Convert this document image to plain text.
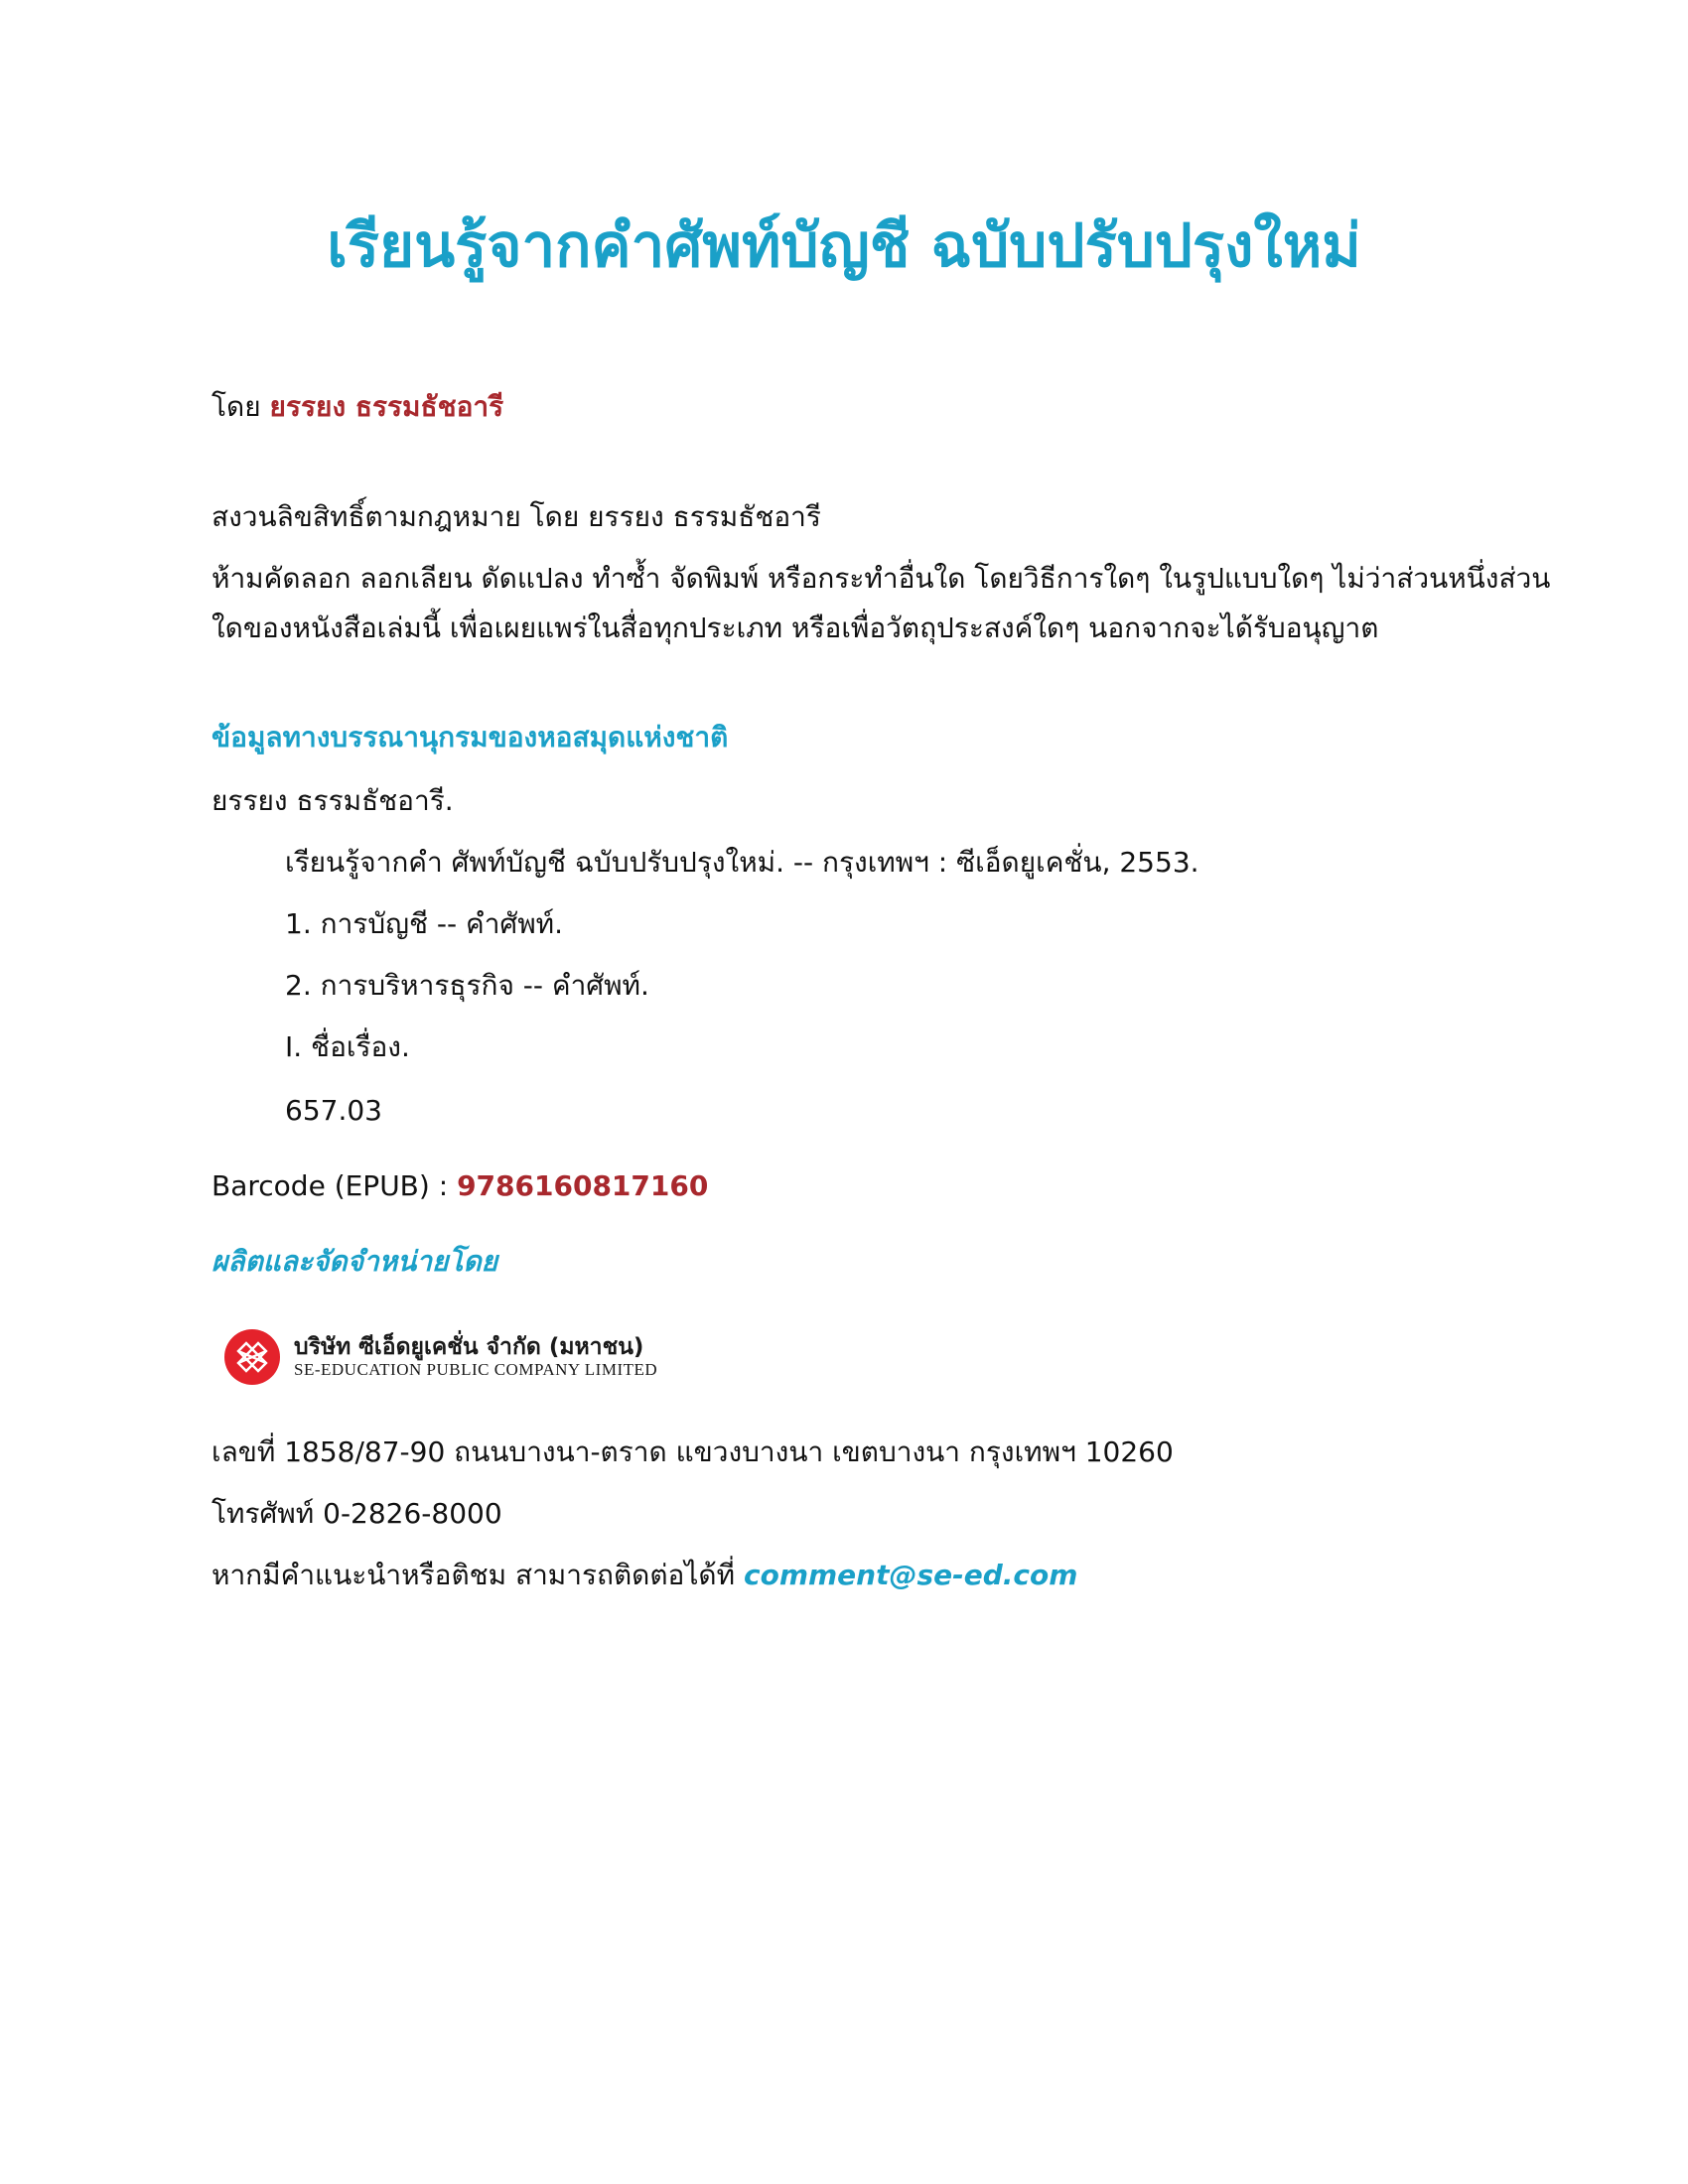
เรียนรู้จากคำศัพท์บัญชี ฉบับปรับปรุงใหม่
โดย ยรรยง ธรรมธัชอารี
สงวนลิขสิทธิ์ตามกฎหมาย โดย ยรรยง ธรรมธัชอารี
ห้ามคัดลอก ลอกเลียน ดัดแปลง ทำซ้ำ จัดพิมพ์ หรือกระทำอื่นใด โดยวิธีการใดๆ ในรูปแบบใดๆ ไม่ว่าส่วนหนึ่งส่วน
ใดของหนังสือเล่มนี้ เพื่อเผยแพร่ในสื่อทุกประเภท หรือเพื่อวัตถุประสงค์ใดๆ นอกจากจะได้รับอนุญาต
ข้อมูลทางบรรณานุกรมของหอสมุดแห่งชาติ
ยรรยง ธรรมธัชอารี.
เรียนรู้จากคำ ศัพท์บัญชี ฉบับปรับปรุงใหม่. -- กรุงเทพฯ : ซีเอ็ดยูเคชั่น, 2553.
1. การบัญชี -- คำศัพท์.
2. การบริหารธุรกิจ -- คำศัพท์.
I. ชื่อเรื่อง.
657.03
Barcode (EPUB) : 9786160817160
ผลิตและจัดจำหน่ายโดย
บริษัท ซีเอ็ดยูเคชั่น จำกัด (มหาชน)
SE-EDUCATION PUBLIC COMPANY LIMITED
เลขที่ 1858/87-90 ถนนบางนา-ตราด แขวงบางนา เขตบางนา กรุงเทพฯ 10260
โทรศัพท์ 0-2826-8000
หากมีคำแนะนำหรือติชม สามารถติดต่อได้ที่ comment@se-ed.com
